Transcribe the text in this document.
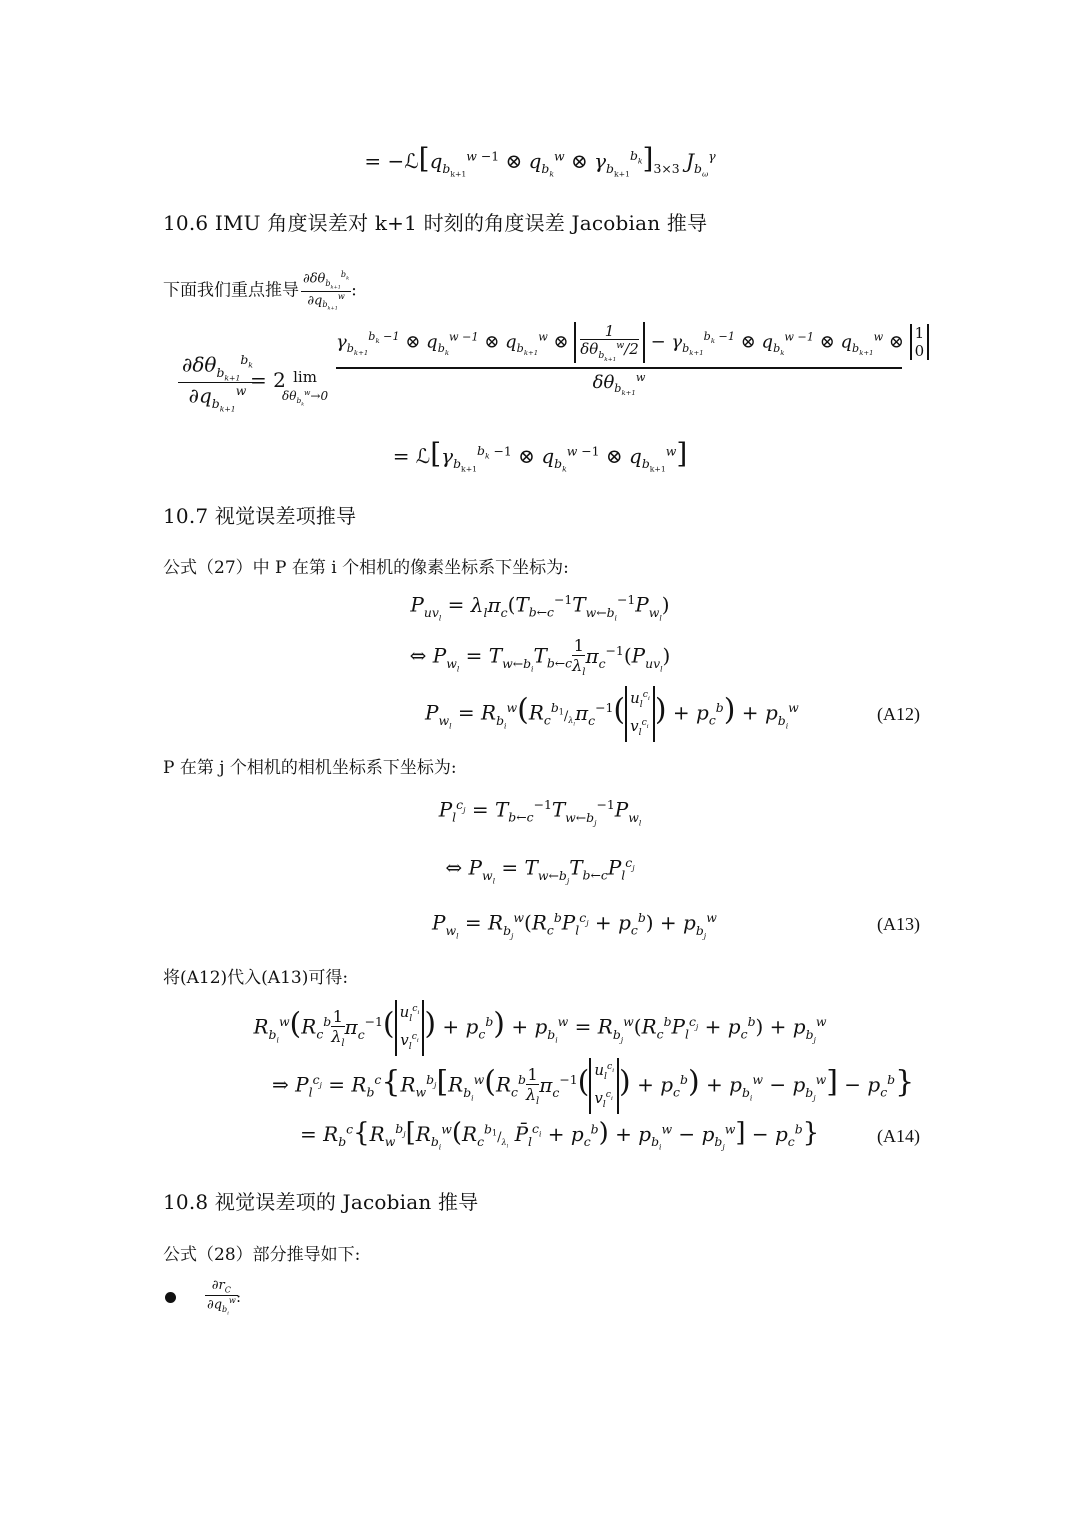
= $-ℒ[q_{b_{k+1}}^{w -1}$ ⊗ $q_{b_k}^w$ ⊗ $\gamma_{b_{k+1}}^{b_k}]_{3\times 3}$ $J_{b_\omega}^\gamma$
10.6 IMU 角度误差对 k+1 时刻的角度误差 Jacobian 推导
下面我们重点推导
$\partial\delta\theta_{b_{k+1}}^{b_k}$
$\partial q_{b_{k+1}}^w$ :
$\partial\delta\theta_{b_{k+1}}^{b_k}$
$\partial q_{b_{k+1}}^w = 2$ lim
$\delta\theta_{b_k}^w\to 0$
$\gamma_{b_{k+1}}^{b_k -1}$ ⊗ $q_{b_k}^{w -1}$ ⊗ $q_{b_{k+1}}^w$ ⊗ 1
$\delta\theta_{b_{k+1}}^w/2 - \gamma_{b_{k+1}}^{b_k -1}$ ⊗ $q_{b_k}^{w -1}$ ⊗ $q_{b_{k+1}}^w$ ⊗ 1
0
$\delta\theta_{b_{k+1}}^w$
= $ℒ[\gamma_{b_{k+1}}^{b_k -1}$ ⊗ $q_{b_k}^{w -1}$ ⊗ $q_{b_{k+1}}^w$]
10.7 视觉误差项推导
公式（27）中 P 在第 i 个相机的像素坐标系下坐标为:
$P_{uv_l} = \lambda_l\pi_c(T_{b\leftarrow c}^{-1}T_{w\leftarrow b_i}^{-1}P_{w_l})$
⇔ $P_{w_l} = T_{w\leftarrow b_i}T_{b\leftarrow c} \frac{1}{\lambda_l}\pi_c^{-1}(P_{uv_l})$
$P_{w_l} = R_{b_i}^w(R_c^{b1}/_{\lambda_l}\pi_c^{-1}$( $u_l^{c_i}$
$v_l^{c_i}$ ) + $p_c^b) + p_{b_i}^w$	(A12)
P 在第 j 个相机的相机坐标系下坐标为:
$P_l^{c_j} = T_{b\leftarrow c}^{-1}T_{w\leftarrow b_j}^{-1}P_{w_l}$
⇔ $P_{w_l} = T_{w\leftarrow b_j}T_{b\leftarrow c}P_l^{c_j}$
$P_{w_l} = R_{b_j}^w(R_c^bP_l^{c_j} + p_c^b) + p_{b_j}^w$	(A13)
将(A12)代入(A13)可得:
$R_{b_i}^w(R_c^b \frac{1}{\lambda_l}\pi_c^{-1}$( $u_l^{c_i}$
$v_l^{c_i}$ ) + $p_c^b) + p_{b_i}^w = R_{b_j}^w(R_c^bP_l^{c_j} + p_c^b) + p_{b_j}^w$
⇒ $P_l^{c_j} = R_b^c\{R_w^{b_j}[R_{b_i}^w(R_c^b \frac{1}{\lambda_l}\pi_c^{-1}$( $u_l^{c_i}$
$v_l^{c_i}$ ) + $p_c^b) + p_{b_i}^w - p_{b_j}^w] - p_c^b$}
= $R_b^c\{R_w^{b_j}[R_{b_i}^w(R_c^{b1}/_{\lambda_l}$ $P̄_l^{c_i} + p_c^b) + p_{b_i}^w - p_{b_j}^w] - p_c^b$}	(A14)
10.8 视觉误差项的 Jacobian 推导
公式（28）部分推导如下:
$\partial r_C$
$\partial q_{b_i}^w$ :
